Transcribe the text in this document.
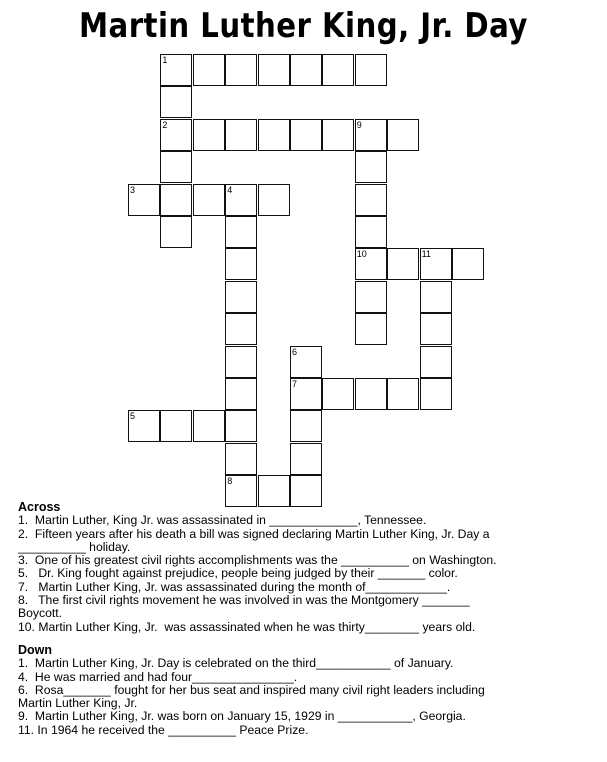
Martin Luther King, Jr. Day
1
2	9
3	4
10	11
6
7
5
8
Across
1.  Martin Luther, King Jr. was assassinated in _____________, Tennessee.
2.  Fifteen years after his death a bill was signed declaring Martin Luther King, Jr. Day a
__________ holiday.
3.  One of his greatest civil rights accomplishments was the __________ on Washington.
5.   Dr. King fought against prejudice, people being judged by their _______ color.
7.   Martin Luther King, Jr. was assassinated during the month of____________.
8.   The first civil rights movement he was involved in was the Montgomery _______
Boycott.
10. Martin Luther King, Jr.  was assassinated when he was thirty________ years old.
Down
1.  Martin Luther King, Jr. Day is celebrated on the third___________ of January.
4.  He was married and had four_______________.
6.  Rosa_______ fought for her bus seat and inspired many civil right leaders including
Martin Luther King, Jr.
9.  Martin Luther King, Jr. was born on January 15, 1929 in ___________, Georgia.
11. In 1964 he received the __________ Peace Prize.
